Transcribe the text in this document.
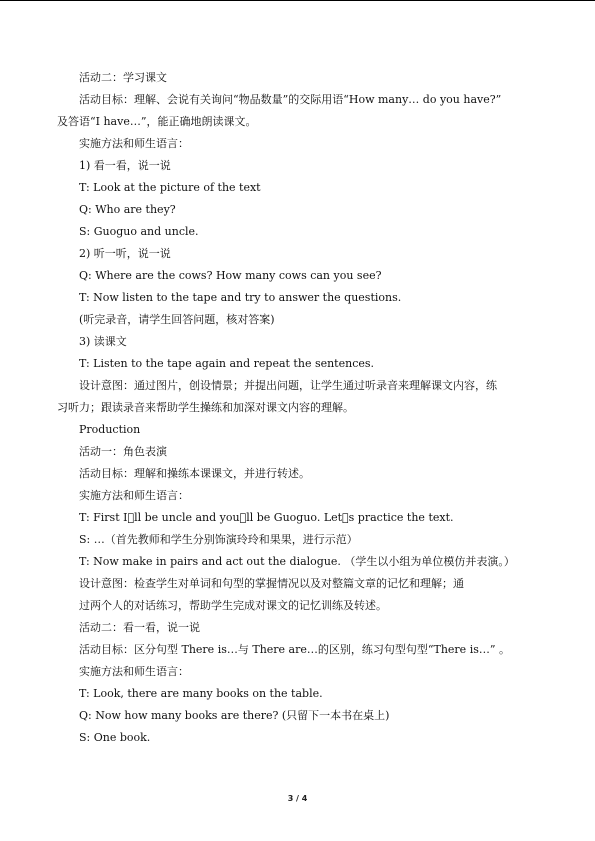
活动二：学习课文

活动目标：理解、会说有关询问“物品数量”的交际用语“How many… do you have?”

及答语“I have…”，能正确地朗读课文。

实施方法和师生语言：

1) 看一看，说一说

T: Look at the picture of the text

Q: Who are they?

S: Guoguo and uncle.

2) 听一听，说一说

Q: Where are the cows? How many cows can you see?

T: Now listen to the tape and try to answer the questions.

(听完录音，请学生回答问题，核对答案)

3) 读课文

T: Listen to the tape again and repeat the sentences.

设计意图：通过图片，创设情景；并提出问题，让学生通过听录音来理解课文内容，练

习听力；跟读录音来帮助学生操练和加深对课文内容的理解。

Production

活动一：角色表演

活动目标：理解和操练本课课文，并进行转述。

实施方法和师生语言：

T: First I ll be uncle and you ll be Guoguo. Let s practice the text.

S: …（首先教师和学生分别饰演玲玲和果果，进行示范）

T: Now make in pairs and act out the dialogue. （学生以小组为单位模仿并表演。）

设计意图：检查学生对单词和句型的掌握情况以及对整篇文章的记忆和理解；通

过两个人的对话练习，帮助学生完成对课文的记忆训练及转述。

活动二：看一看，说一说

活动目标：区分句型 There is…与 There are…的区别，练习句型句型“There is…” 。

实施方法和师生语言：

T: Look, there are many books on the table.

Q: Now how many books are there? (只留下一本书在桌上)

S: One book.

3 / 4
